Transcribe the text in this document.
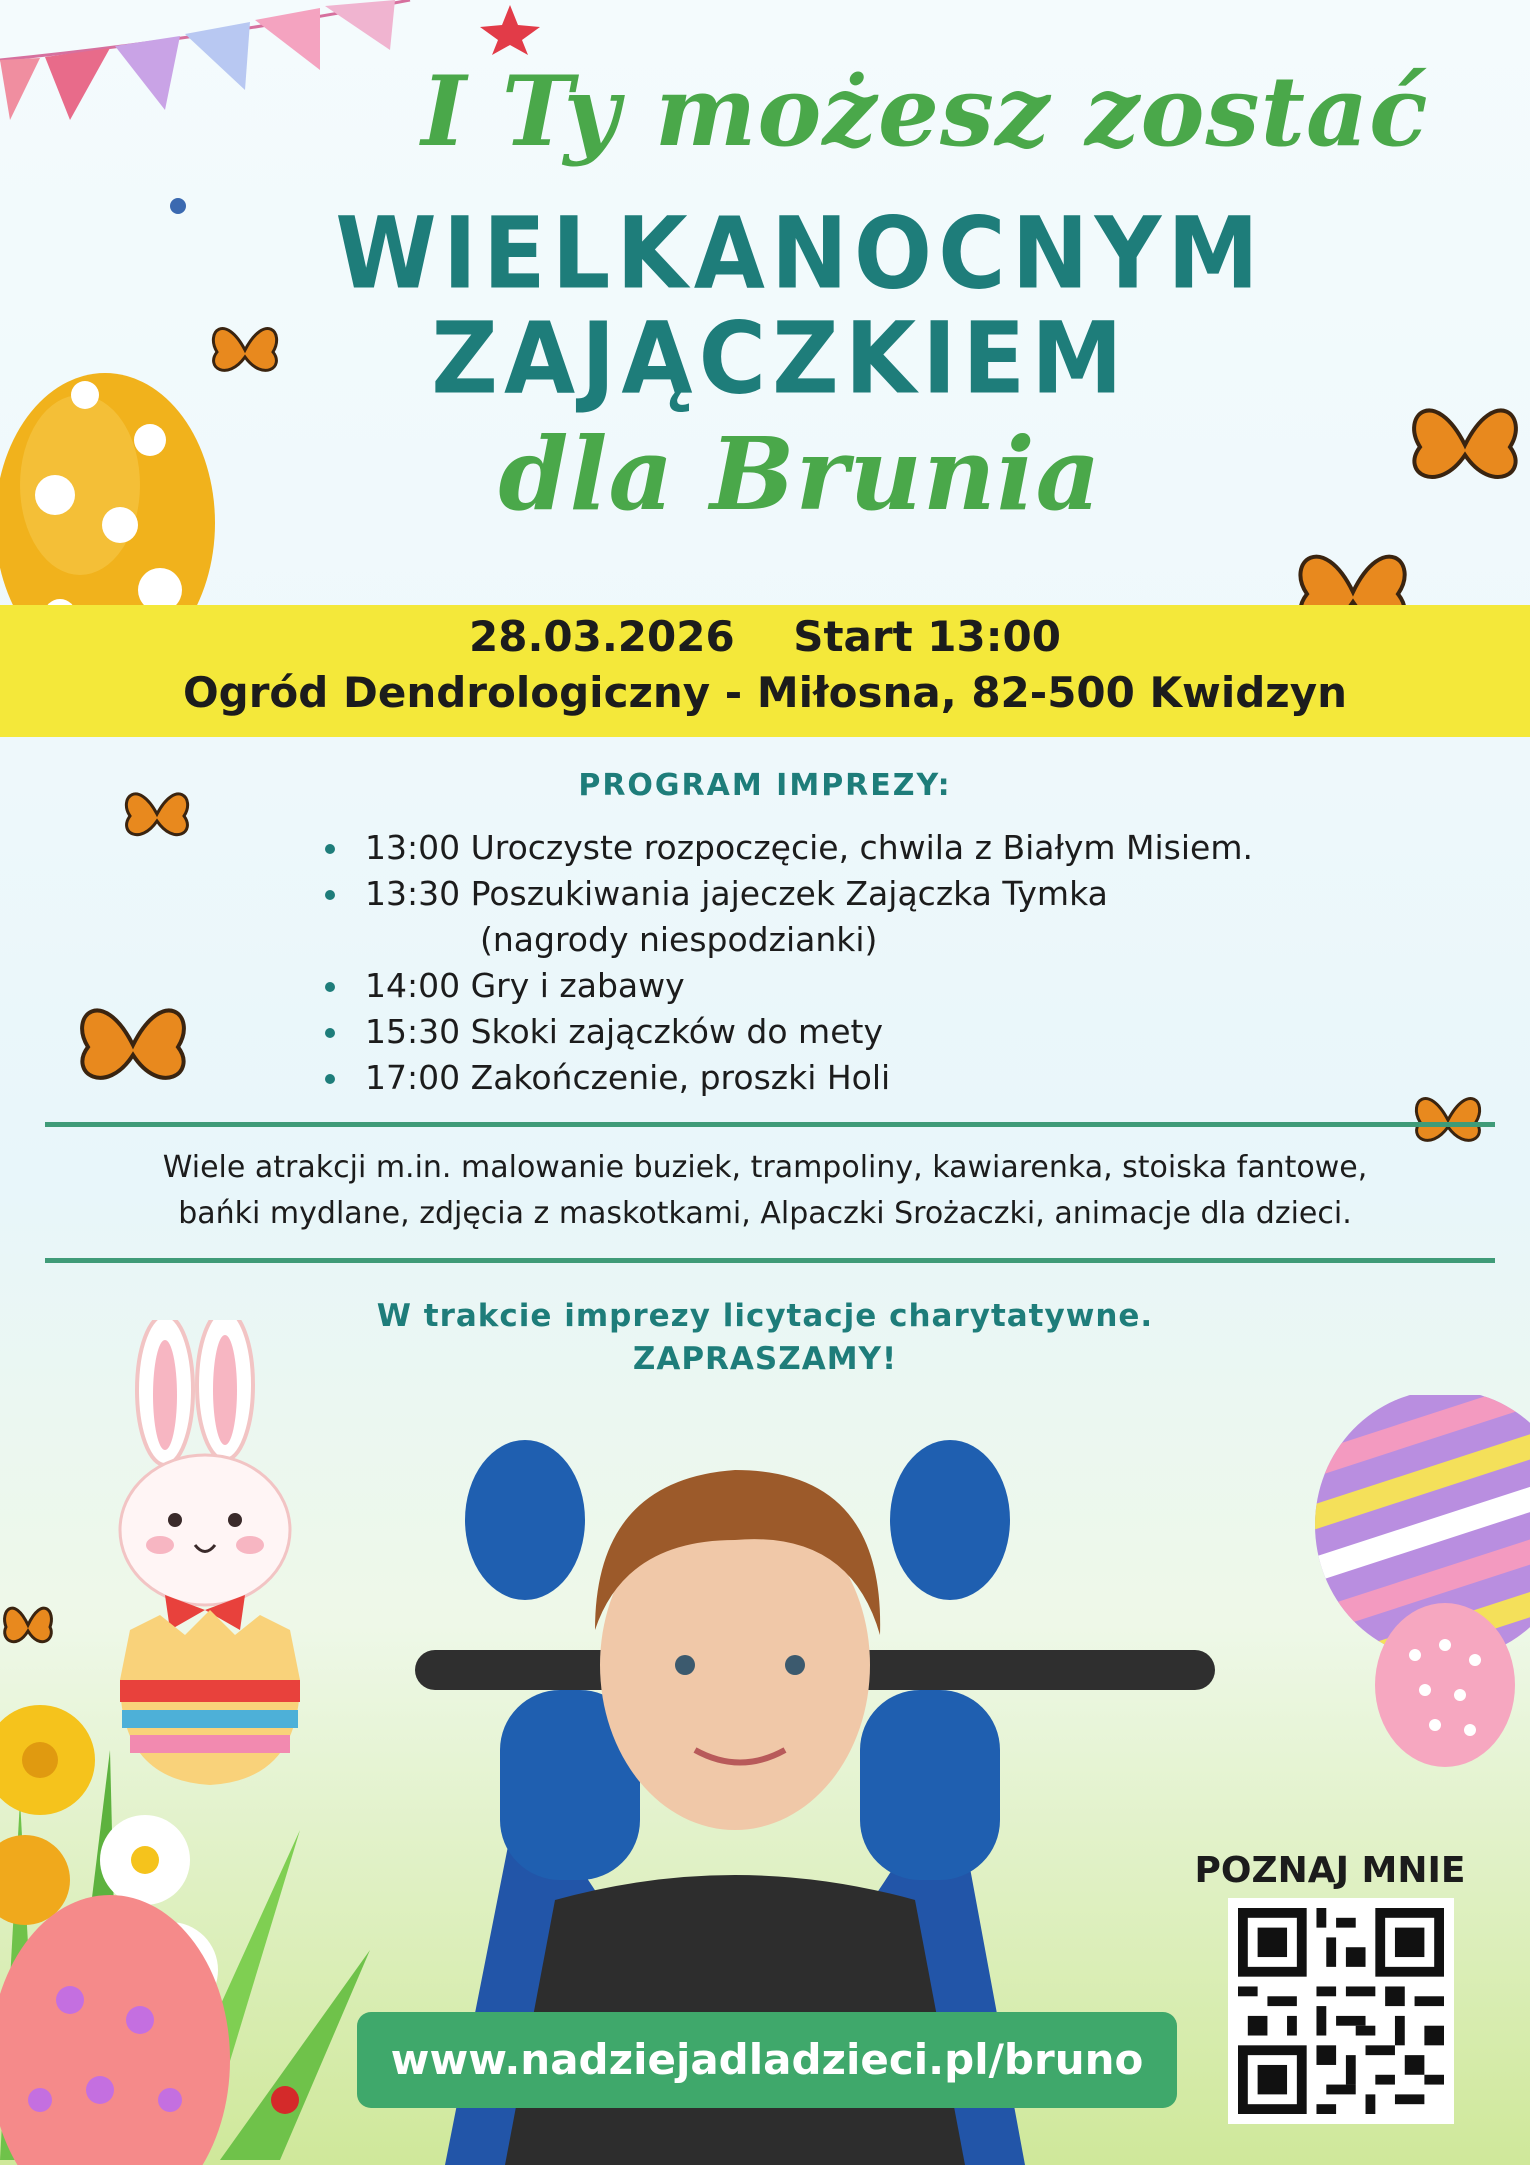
I Ty możesz zostać
WIELKANOCNYM
ZAJĄCZKIEM
dla Brunia
28.03.2026 Start 13:00
Ogród Dendrologiczny - Miłosna, 82-500 Kwidzyn
PROGRAM IMPREZY:
13:00 Uroczyste rozpoczęcie, chwila z Białym Misiem.
13:30 Poszukiwania jajeczek Zajączka Tymka
(nagrody niespodzianki)
14:00 Gry i zabawy
15:30 Skoki zajączków do mety
17:00 Zakończenie, proszki Holi
Wiele atrakcji m.in. malowanie buziek, trampoliny, kawiarenka, stoiska fantowe,
bańki mydlane, zdjęcia z maskotkami, Alpaczki Srożaczki, animacje dla dzieci.
W trakcie imprezy licytacje charytatywne.
ZAPRASZAMY!
www.nadziejadladzieci.pl/bruno
POZNAJ MNIE
